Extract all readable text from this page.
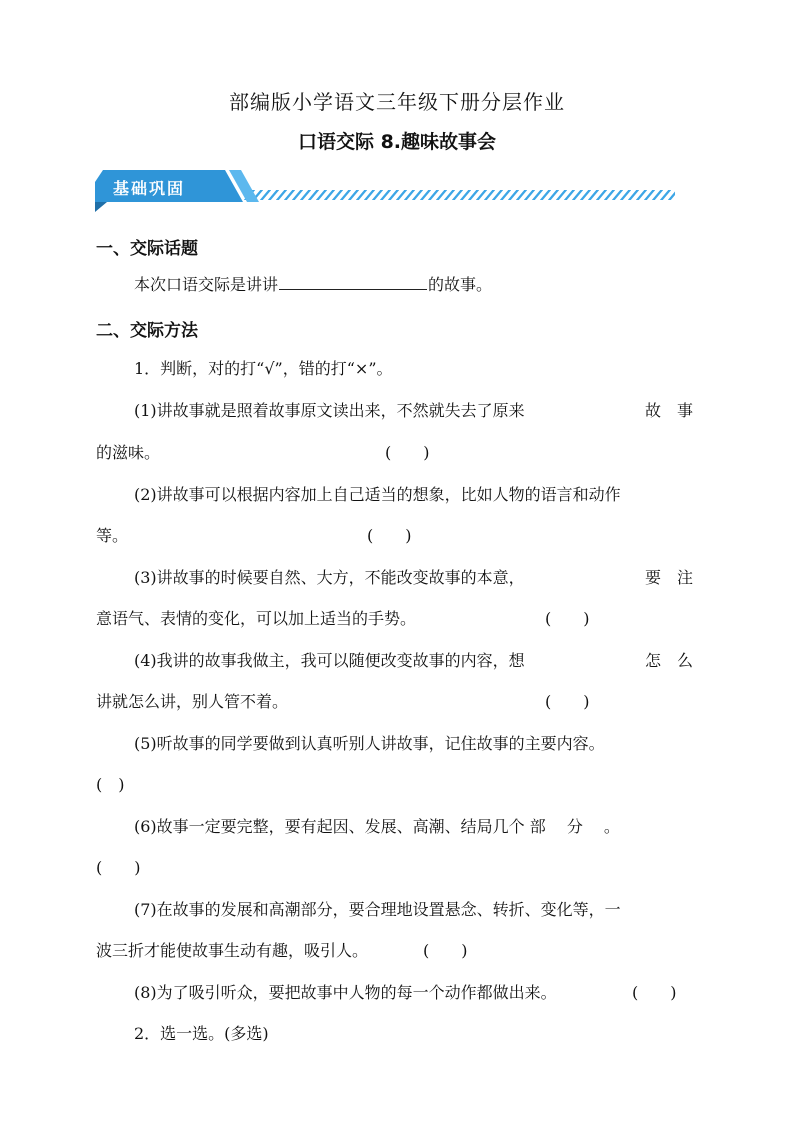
部编版小学语文三年级下册分层作业
口语交际 8.趣味故事会
基础巩固
一、交际话题
本次口语交际是讲讲	的故事。
二、交际方法
1．判断，对的打“√”，错的打“×”。
(1)讲故事就是照着故事原文读出来，不然就失去了原来	故　事
的滋味。	(　　)
(2)讲故事可以根据内容加上自己适当的想象，比如人物的语言和动作
等。	(　　)
(3)讲故事的时候要自然、大方，不能改变故事的本意，	要　注
意语气、表情的变化，可以加上适当的手势。	(　　)
(4)我讲的故事我做主，我可以随便改变故事的内容，想	怎　么
讲就怎么讲，别人管不着。	(　　)
(5)听故事的同学要做到认真听别人讲故事，记住故事的主要内容。
(　)
(6)故事一定要完整，要有起因、发展、高潮、结局几个 部　 分　 。
(　　)
(7)在故事的发展和高潮部分，要合理地设置悬念、转折、变化等，一
波三折才能使故事生动有趣，吸引人。	(　　)
(8)为了吸引听众，要把故事中人物的每一个动作都做出来。	(　　)
2．选一选。(多选)
